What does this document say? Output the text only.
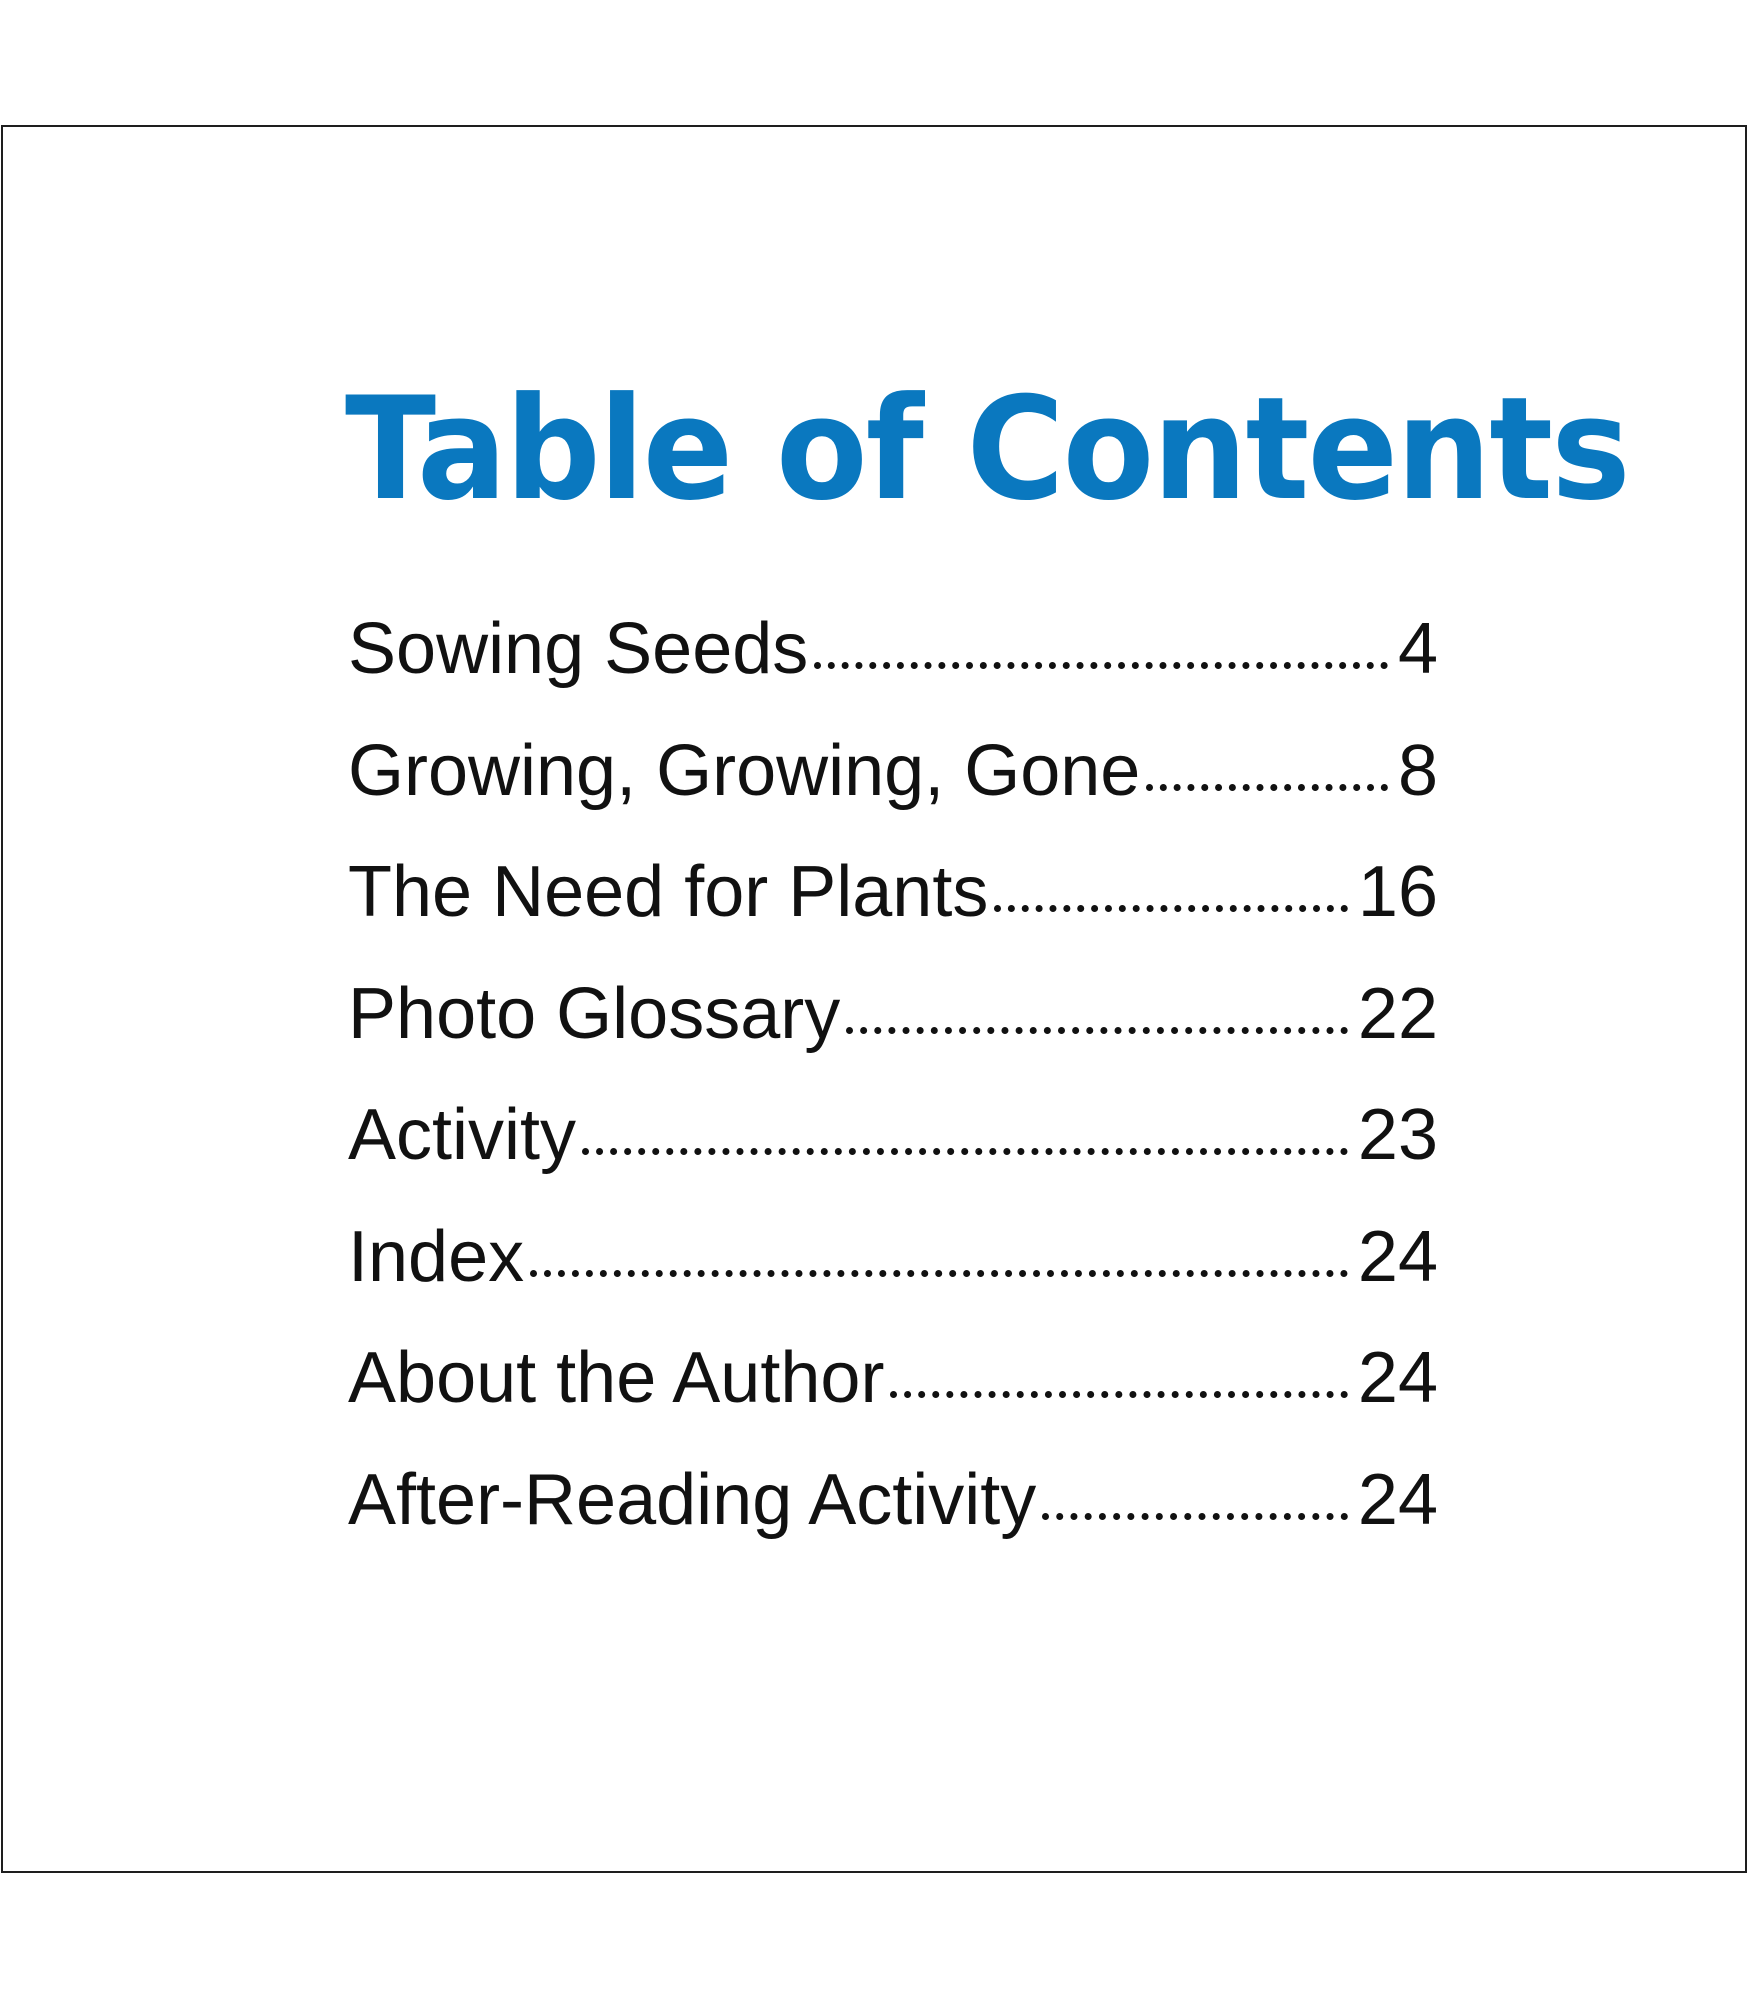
Table of Contents
Sowing Seeds	4
Growing, Growing, Gone	8
The Need for Plants	16
Photo Glossary	22
Activity	23
Index	24
About the Author	24
After-Reading Activity	24
